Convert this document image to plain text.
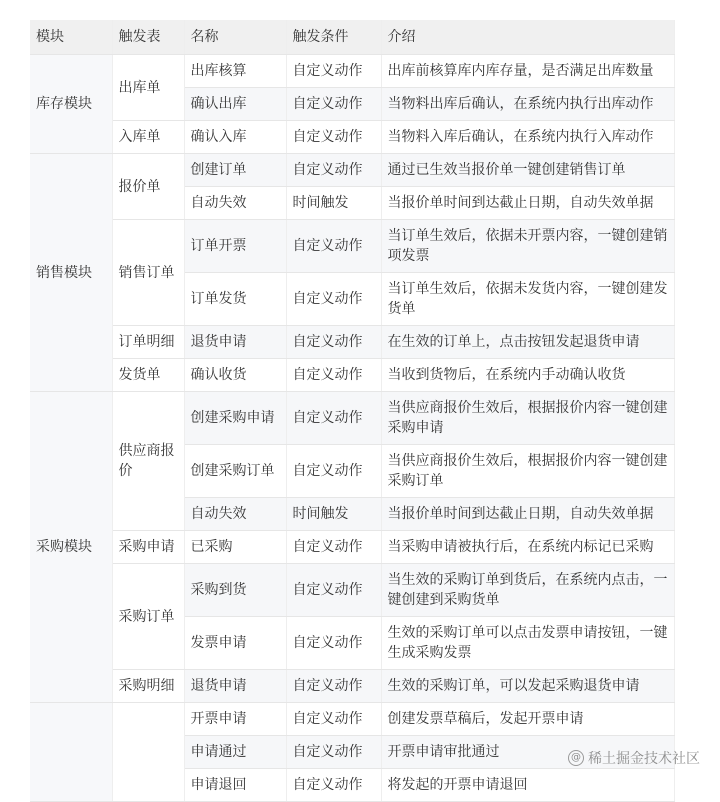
模块	触发表	名称	触发条件	介绍
库存模块	出库单	出库核算	自定义动作	出库前核算库内库存量，是否满足出库数量
		确认出库	自定义动作	当物料出库后确认，在系统内执行出库动作
	入库单	确认入库	自定义动作	当物料入库后确认，在系统内执行入库动作
销售模块	报价单	创建订单	自定义动作	通过已生效当报价单一键创建销售订单
		自动失效	时间触发	当报价单时间到达截止日期，自动失效单据
	销售订单	订单开票	自定义动作	当订单生效后，依据未开票内容，一键创建销项发票
		订单发货	自定义动作	当订单生效后，依据未发货内容，一键创建发货单
	订单明细	退货申请	自定义动作	在生效的订单上，点击按钮发起退货申请
	发货单	确认收货	自定义动作	当收到货物后，在系统内手动确认收货
采购模块	供应商报价	创建采购申请	自定义动作	当供应商报价生效后，根据报价内容一键创建采购申请
		创建采购订单	自定义动作	当供应商报价生效后，根据报价内容一键创建采购订单
		自动失效	时间触发	当报价单时间到达截止日期，自动失效单据
	采购申请	已采购	自定义动作	当采购申请被执行后，在系统内标记已采购
	采购订单	采购到货	自定义动作	当生效的采购订单到货后，在系统内点击，一键创建到采购货单
		发票申请	自定义动作	生效的采购订单可以点击发票申请按钮，一键生成采购发票
	采购明细	退货申请	自定义动作	生效的采购订单，可以发起采购退货申请
		开票申请	自定义动作	创建发票草稿后，发起开票申请
		申请通过	自定义动作	开票申请审批通过
		申请退回	自定义动作	将发起的开票申请退回
@ 稀土掘金技术社区
